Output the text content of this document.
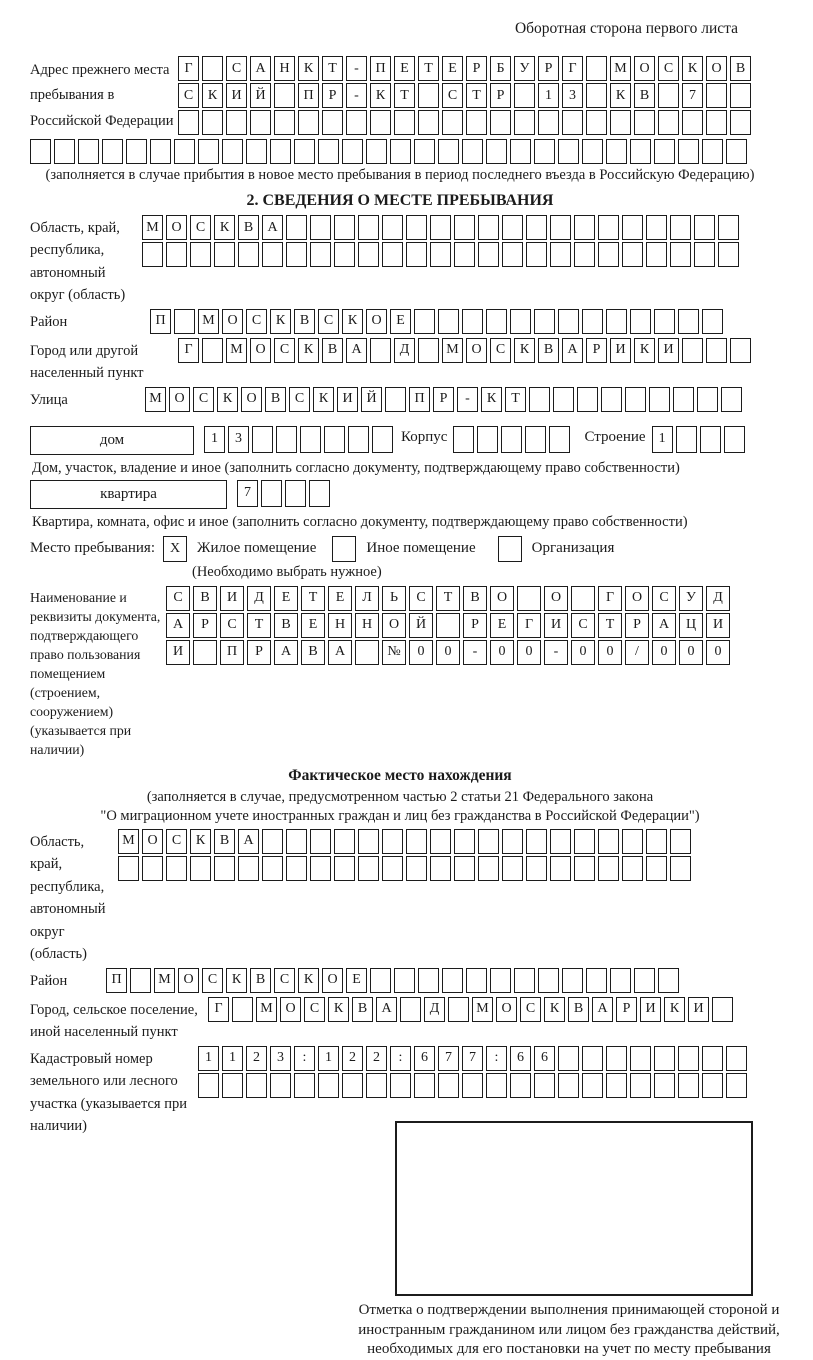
Оборотная сторона первого листа
Адрес прежнего места пребывания в Российской Федерации
Г	С	А Н	К	Т	-	П	Е	Т	Е	Р	Б	У	Р	Г	М О	С	К	О	В
С	К	И Й	П	Р	-	К	Т	С	Т	Р	1	3	К	В	7
(заполняется в случае прибытия в новое место пребывания в период последнего въезда в Российскую Федерацию)
2. СВЕДЕНИЯ О МЕСТЕ ПРЕБЫВАНИЯ
Область, край, республика, автономный округ (область)
М О	С	К	В	А
Район	П	М О	С	К	В	С	К	О	Е
Город или другой населенный пункт
Г	М О	С	К	В	А	Д	М О	С	К	В	А	Р	И	К	И
Улица	М О	С	К	О	В	С	К	И Й	П	Р	-	К	Т
дом	1	3	Корпус	Строение 1
Дом, участок, владение и иное (заполнить согласно документу, подтверждающему право собственности)
квартира	7
Квартира, комната, офис и иное (заполнить согласно документу, подтверждающему право собственности)
Место пребывания:	X	Жилое помещение	Иное помещение	Организация
(Необходимо выбрать нужное)
Наименование и реквизиты документа, подтверждающего право пользования помещением (строением, сооружением) (указывается при наличии)
С	В	И	Д	Е	Т	Е	Л	Ь	С	Т	В	О	О	Г	О	С	У	Д
А	Р	С	Т	В	Е	Н	Н	О	Й	Р	Е	Г	И	С	Т	Р	А	Ц	И
И	П	Р	А	В	А	№	0	0	-	0	0	-	0	0	/	0	0	0
Фактическое место нахождения
(заполняется в случае, предусмотренном частью 2 статьи 21 Федерального закона
"О миграционном учете иностранных граждан и лиц без гражданства в Российской Федерации")
Область, край, республика, автономный округ (область)
М О	С	К	В	А
Район	П	М О	С	К	В	С	К	О	Е
Город, сельское поселение, иной населенный пункт
Г	М О	С	К	В	А	Д	М О	С	К	В	А	Р	И	К	И
Кадастровый номер земельного или лесного участка (указывается при наличии)
1	1	2	3	:	1	2	2	:	6	7	7	:	6	6
Отметка о подтверждении выполнения принимающей стороной и иностранным гражданином или лицом без гражданства действий, необходимых для его постановки на учет по месту пребывания
